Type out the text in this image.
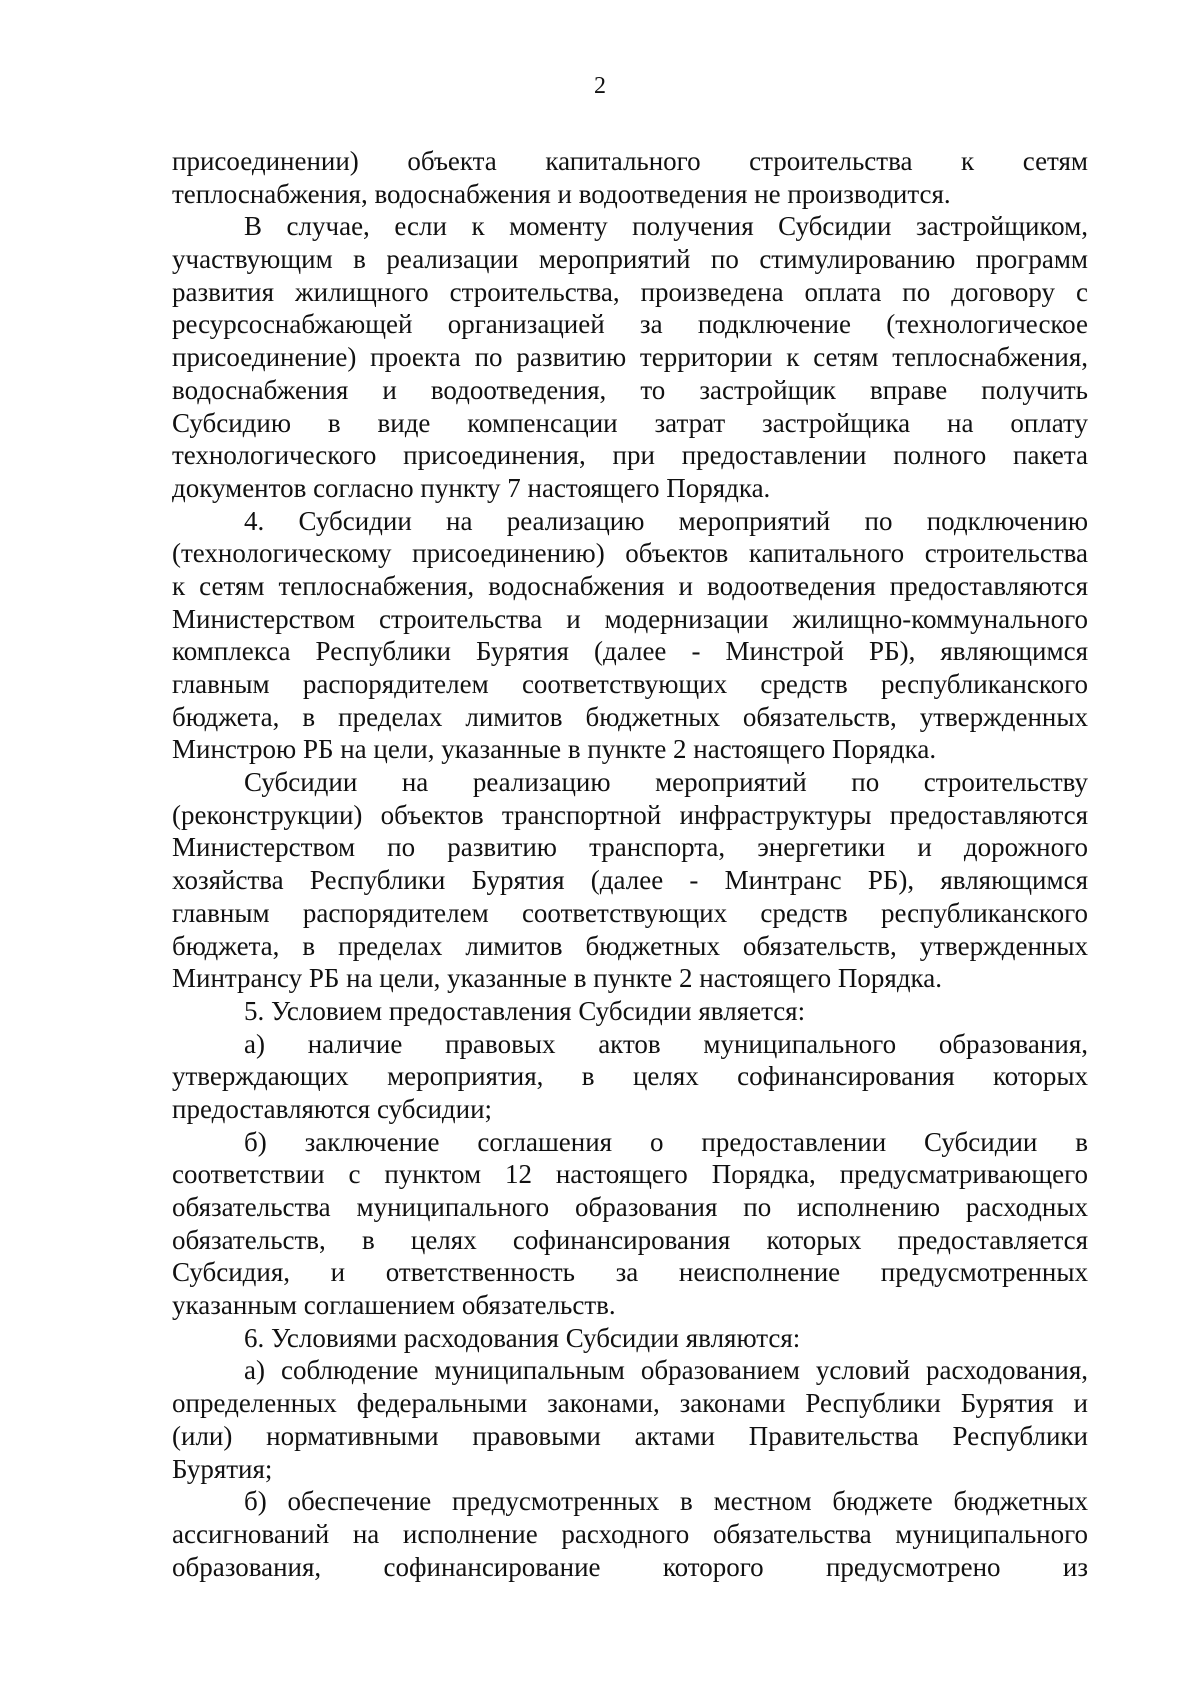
2
присоединении) объекта капитального строительства к сетям
теплоснабжения, водоснабжения и водоотведения не производится.
В случае, если к моменту получения Субсидии застройщиком,
участвующим в реализации мероприятий по стимулированию программ
развития жилищного строительства, произведена оплата по договору с
ресурсоснабжающей организацией за подключение (технологическое
присоединение) проекта по развитию территории к сетям теплоснабжения,
водоснабжения и водоотведения, то застройщик вправе получить
Субсидию в виде компенсации затрат застройщика на оплату
технологического присоединения, при предоставлении полного пакета
документов согласно пункту 7 настоящего Порядка.
4. Субсидии на реализацию мероприятий по подключению
(технологическому присоединению) объектов капитального строительства
к сетям теплоснабжения, водоснабжения и водоотведения предоставляются
Министерством строительства и модернизации жилищно-коммунального
комплекса Республики Бурятия (далее - Минстрой РБ), являющимся
главным распорядителем соответствующих средств республиканского
бюджета, в пределах лимитов бюджетных обязательств, утвержденных
Минстрою РБ на цели, указанные в пункте 2 настоящего Порядка.
Субсидии на реализацию мероприятий по строительству
(реконструкции) объектов транспортной инфраструктуры предоставляются
Министерством по развитию транспорта, энергетики и дорожного
хозяйства Республики Бурятия (далее - Минтранс РБ), являющимся
главным распорядителем соответствующих средств республиканского
бюджета, в пределах лимитов бюджетных обязательств, утвержденных
Минтрансу РБ на цели, указанные в пункте 2 настоящего Порядка.
5. Условием предоставления Субсидии является:
а) наличие правовых актов муниципального образования,
утверждающих мероприятия, в целях софинансирования которых
предоставляются субсидии;
б) заключение соглашения о предоставлении Субсидии в
соответствии с пунктом 12 настоящего Порядка, предусматривающего
обязательства муниципального образования по исполнению расходных
обязательств, в целях софинансирования которых предоставляется
Субсидия, и ответственность за неисполнение предусмотренных
указанным соглашением обязательств.
6. Условиями расходования Субсидии являются:
а) соблюдение муниципальным образованием условий расходования,
определенных федеральными законами, законами Республики Бурятия и
(или) нормативными правовыми актами Правительства Республики
Бурятия;
б) обеспечение предусмотренных в местном бюджете бюджетных
ассигнований на исполнение расходного обязательства муниципального
образования, софинансирование которого предусмотрено из
